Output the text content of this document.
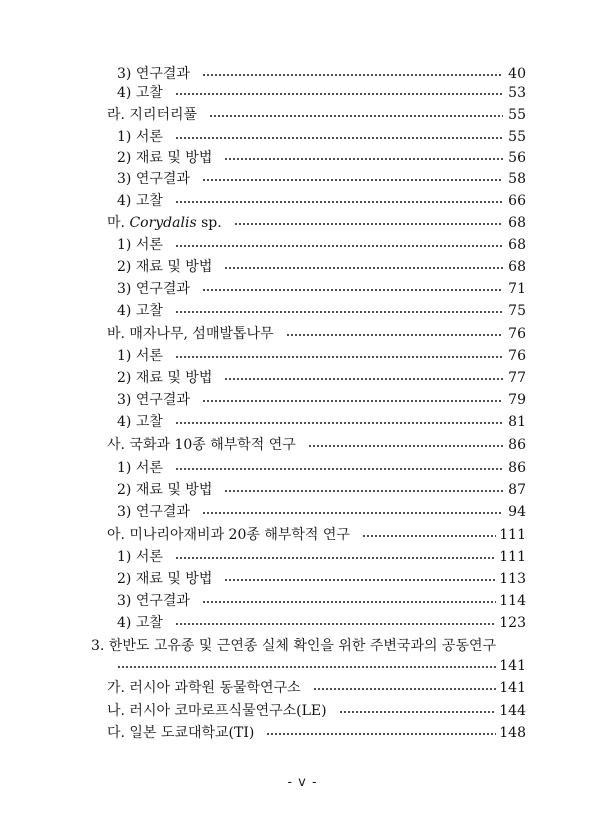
3) 연구결과	40
4) 고찰	53
라. 지리터리풀	55
1) 서론	55
2) 재료 및 방법	56
3) 연구결과	58
4) 고찰	66
마. Corydalis sp.	68
1) 서론	68
2) 재료 및 방법	68
3) 연구결과	71
4) 고찰	75
바. 매자나무, 섬매발톱나무	76
1) 서론	76
2) 재료 및 방법	77
3) 연구결과	79
4) 고찰	81
사. 국화과 10종 해부학적 연구	86
1) 서론	86
2) 재료 및 방법	87
3) 연구결과	94
아. 미나리아재비과 20종 해부학적 연구	111
1) 서론	111
2) 재료 및 방법	113
3) 연구결과	114
4) 고찰	123
3. 한반도 고유종 및 근연종 실체 확인을 위한 주변국과의 공동연구
141
가. 러시아 과학원 동물학연구소	141
나. 러시아 코마로프식물연구소(LE)	144
다. 일본 도쿄대학교(TI)	148
- v -
